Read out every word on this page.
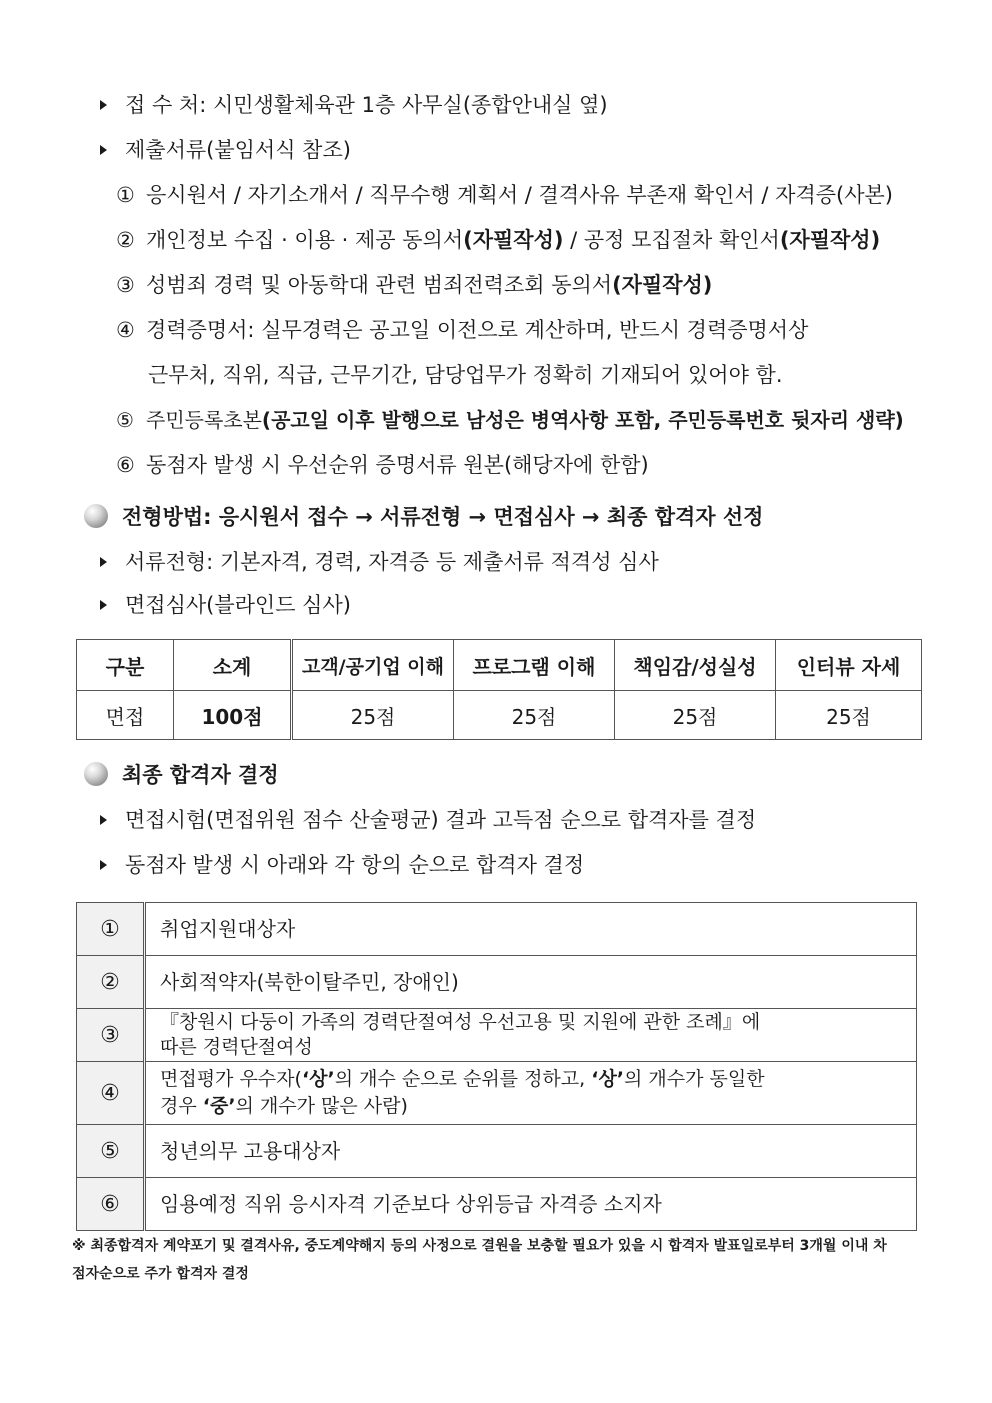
접 수 처: 시민생활체육관 1층 사무실(종합안내실 옆)
제출서류(붙임서식 참조)
① 응시원서 / 자기소개서 / 직무수행 계획서 / 결격사유 부존재 확인서 / 자격증(사본)
② 개인정보 수집 · 이용 · 제공 동의서(자필작성) / 공정 모집절차 확인서(자필작성)
③ 성범죄 경력 및 아동학대 관련 범죄전력조회 동의서(자필작성)
④ 경력증명서: 실무경력은 공고일 이전으로 계산하며, 반드시 경력증명서상
근무처, 직위, 직급, 근무기간, 담당업무가 정확히 기재되어 있어야 함.
⑤ 주민등록초본(공고일 이후 발행으로 남성은 병역사항 포함, 주민등록번호 뒷자리 생략)
⑥ 동점자 발생 시 우선순위 증명서류 원본(해당자에 한함)
전형방법: 응시원서 접수 → 서류전형 → 면접심사 → 최종 합격자 선정
서류전형: 기본자격, 경력, 자격증 등 제출서류 적격성 심사
면접심사(블라인드 심사)
구분	소계	고객/공기업 이해	프로그램 이해	책임감/성실성	인터뷰 자세
면접	100점	25점	25점	25점	25점
최종 합격자 결정
면접시험(면접위원 점수 산술평균) 결과 고득점 순으로 합격자를 결정
동점자 발생 시 아래와 각 항의 순으로 합격자 결정
①	취업지원대상자
②	사회적약자(북한이탈주민, 장애인)
③	『창원시 다둥이 가족의 경력단절여성 우선고용 및 지원에 관한 조례』에
따른 경력단절여성

④	면접평가 우수자(‘상’의 개수 순으로 순위를 정하고, ‘상’의 개수가 동일한
경우 ‘중’의 개수가 많은 사람)

⑤	청년의무 고용대상자
⑥	임용예정 직위 응시자격 기준보다 상위등급 자격증 소지자
※ 최종합격자 계약포기 및 결격사유, 중도계약해지 등의 사정으로 결원을 보충할 필요가 있을 시 합격자 발표일로부터 3개월 이내 차
점자순으로 주가 합격자 결정
